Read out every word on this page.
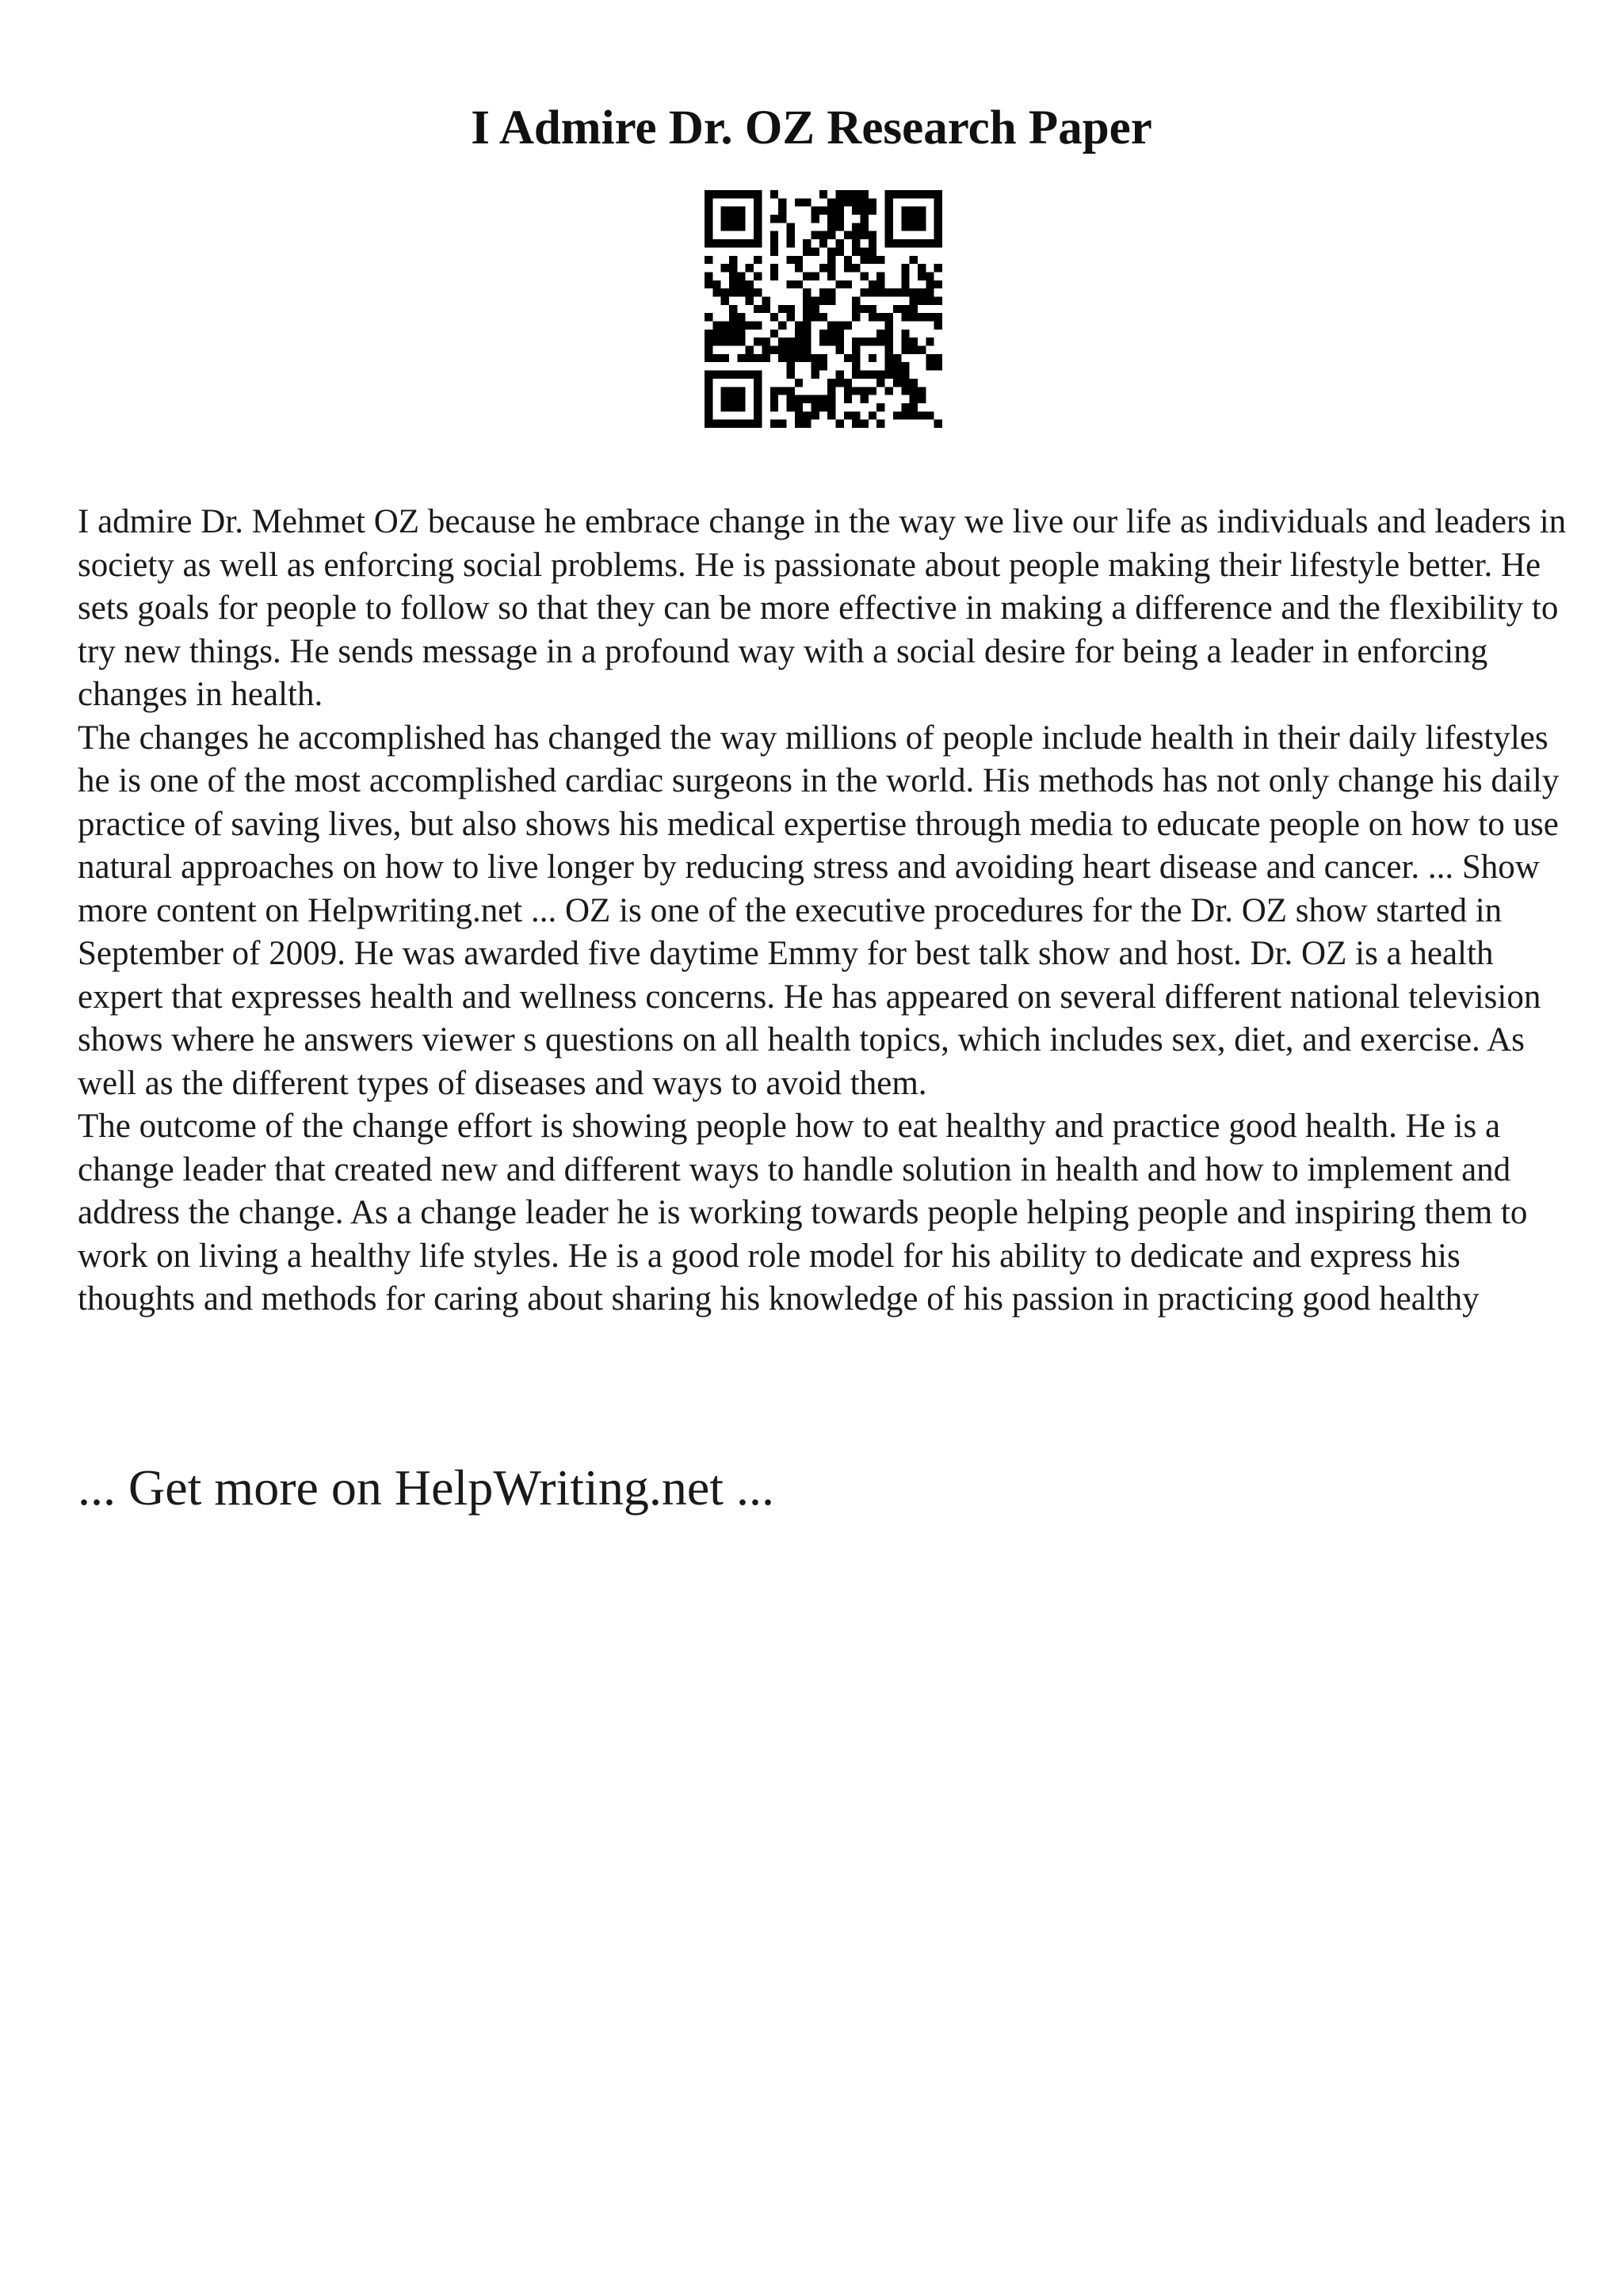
I Admire Dr. OZ Research Paper

I admire Dr. Mehmet OZ because he embrace change in the way we live our life as individuals and leaders in society as well as enforcing social problems. He is passionate about people making their lifestyle better. He sets goals for people to follow so that they can be more effective in making a difference and the flexibility to try new things. He sends message in a profound way with a social desire for being a leader in enforcing changes in health.

The changes he accomplished has changed the way millions of people include health in their daily lifestyles he is one of the most accomplished cardiac surgeons in the world. His methods has not only change his daily practice of saving lives, but also shows his medical expertise through media to educate people on how to use natural approaches on how to live longer by reducing stress and avoiding heart disease and cancer. ... Show more content on Helpwriting.net ... OZ is one of the executive procedures for the Dr. OZ show started in September of 2009. He was awarded five daytime Emmy for best talk show and host. Dr. OZ is a health expert that expresses health and wellness concerns. He has appeared on several different national television shows where he answers viewer s questions on all health topics, which includes sex, diet, and exercise. As well as the different types of diseases and ways to avoid them.

The outcome of the change effort is showing people how to eat healthy and practice good health. He is a change leader that created new and different ways to handle solution in health and how to implement and address the change. As a change leader he is working towards people helping people and inspiring them to work on living a healthy life styles. He is a good role model for his ability to dedicate and express his thoughts and methods for caring about sharing his knowledge of his passion in practicing good healthy

... Get more on HelpWriting.net ...
